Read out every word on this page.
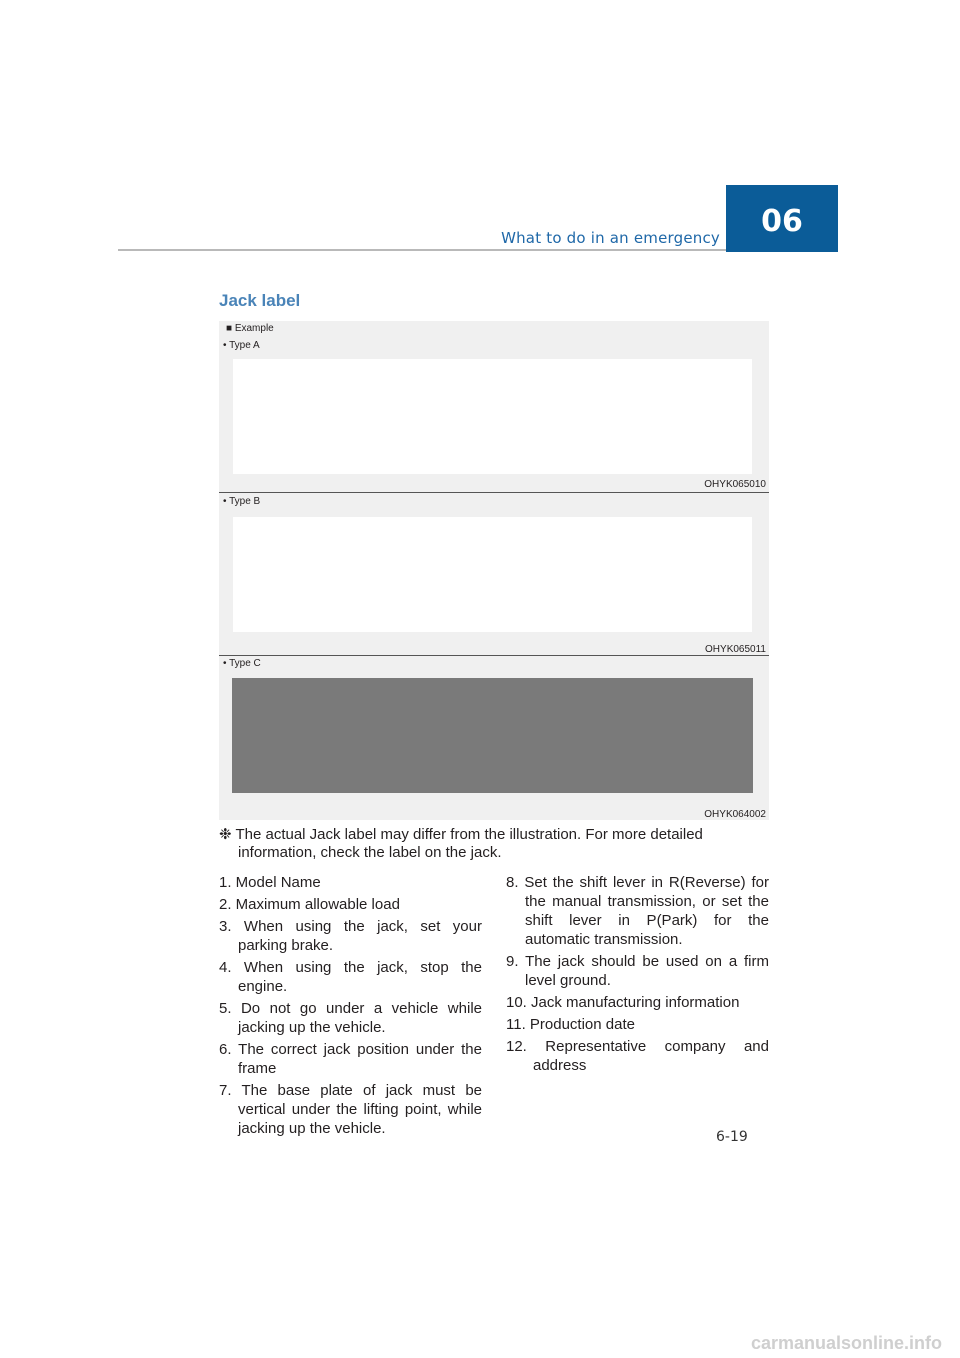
What to do in an emergency 06
Jack label
■ Example
• Type A
OHYK065010
• Type B
OHYK065011
• Type C
OHYK064002
❉ The actual Jack label may differ from the illustration. For more detailed
information, check the label on the jack.
1. Model Name
2. Maximum allowable load
3. When using the jack, set your parking brake.
4. When using the jack, stop the engine.
5. Do not go under a vehicle while jacking up the vehicle.
6. The correct jack position under the frame
7. The base plate of jack must be vertical under the lifting point, while jacking up the vehicle.
8. Set the shift lever in R(Reverse) for the manual transmission, or set the shift lever in P(Park) for the automatic transmission.
9. The jack should be used on a firm level ground.
10. Jack manufacturing information
11. Production date
12. Representative company and address
6-19
carmanualsonline.info
